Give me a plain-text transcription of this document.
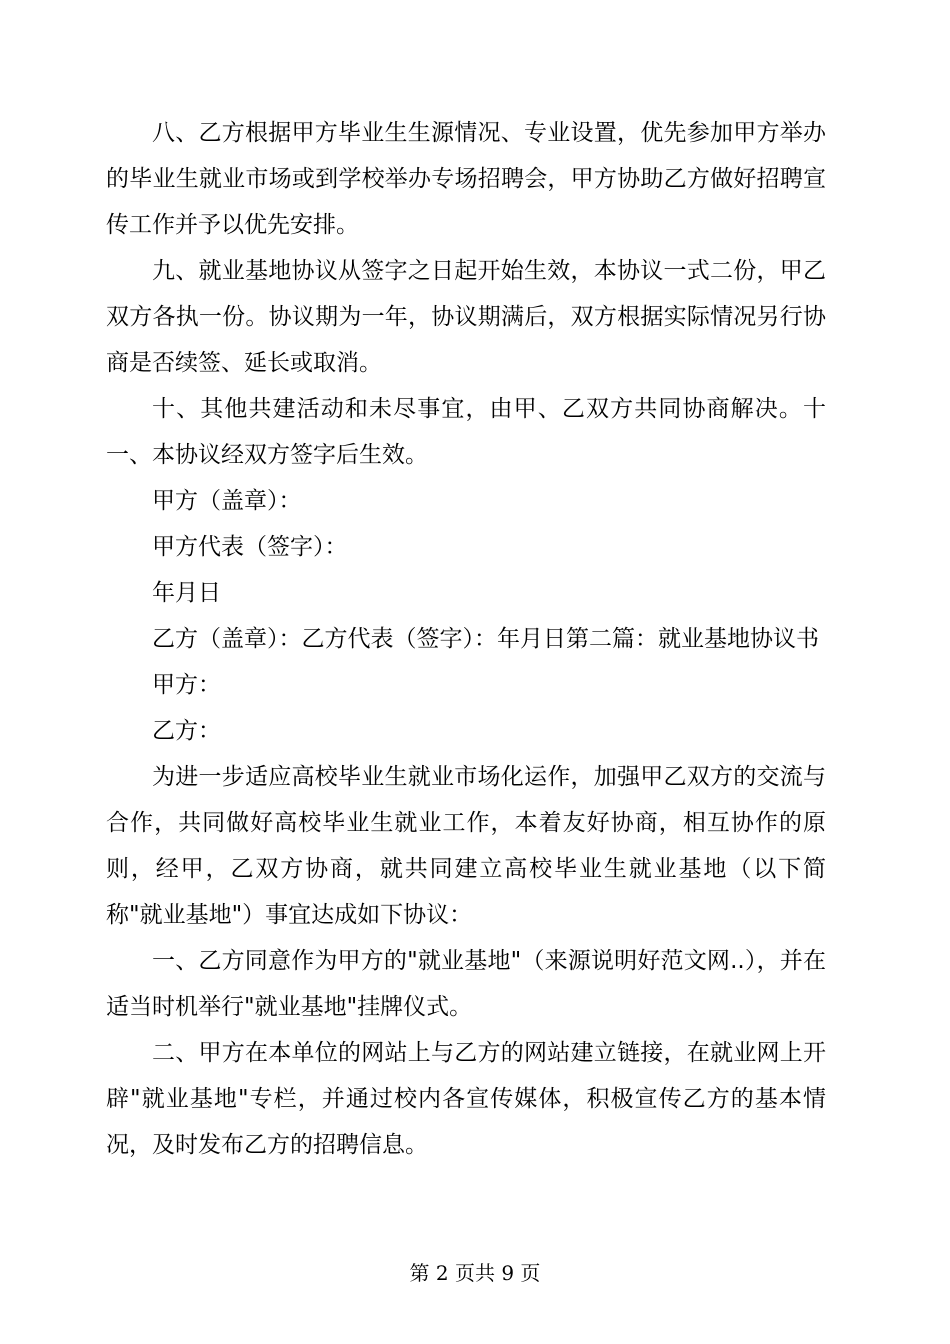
八、乙方根据甲方毕业生生源情况、专业设置，优先参加甲方举办的毕业生就业市场或到学校举办专场招聘会，甲方协助乙方做好招聘宣传工作并予以优先安排。

九、就业基地协议从签字之日起开始生效，本协议一式二份，甲乙双方各执一份。协议期为一年，协议期满后，双方根据实际情况另行协商是否续签、延长或取消。

十、其他共建活动和未尽事宜，由甲、乙双方共同协商解决。十一、本协议经双方签字后生效。

甲方（盖章）：

甲方代表（签字）：

年月日

乙方（盖章）：乙方代表（签字）：年月日第二篇：就业基地协议书

甲方：

乙方：

为进一步适应高校毕业生就业市场化运作，加强甲乙双方的交流与合作，共同做好高校毕业生就业工作，本着友好协商，相互协作的原则，经甲，乙双方协商，就共同建立高校毕业生就业基地（以下简称"就业基地"）事宜达成如下协议：

一、乙方同意作为甲方的"就业基地"（来源说明好范文网..），并在适当时机举行"就业基地"挂牌仪式。

二、甲方在本单位的网站上与乙方的网站建立链接，在就业网上开辟"就业基地"专栏，并通过校内各宣传媒体，积极宣传乙方的基本情况，及时发布乙方的招聘信息。

第 2 页共 9 页
